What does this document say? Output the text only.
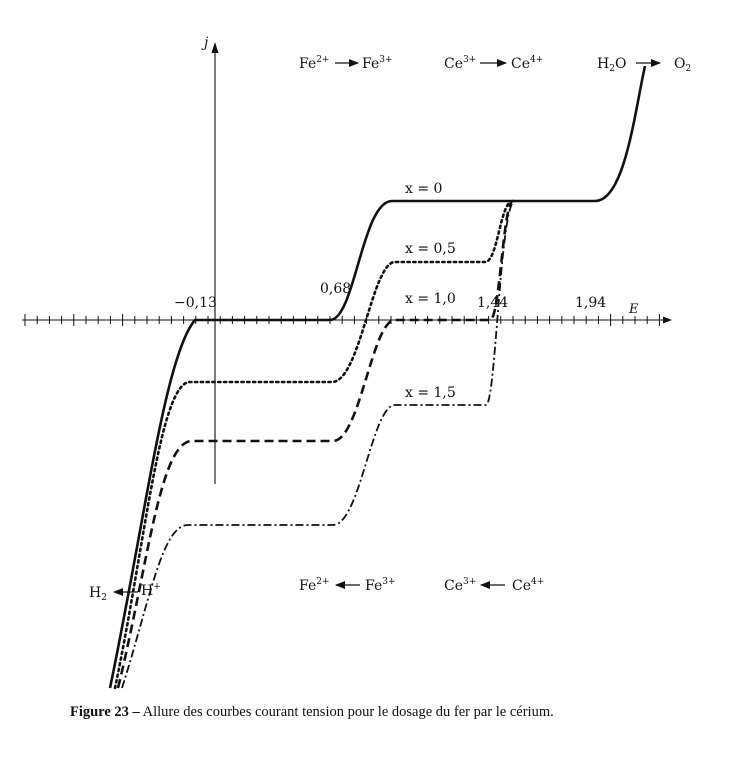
j
E
−0,13
0,68
1,44	1,94
x = 0
x = 0,5
x = 1,0
x = 1,5
$Fe^{2+}$ $Fe^{3+}$	$Ce^{3+}$ $Ce^{4+}$	$H_2O$	$O_2$
$Fe^{2+}$	$Fe^{3+}$	$Ce^{3+}$	$Ce^{4+}$
$H_2$ H+
Figure 23 – Allure des courbes courant tension pour le dosage du fer par le cérium.
